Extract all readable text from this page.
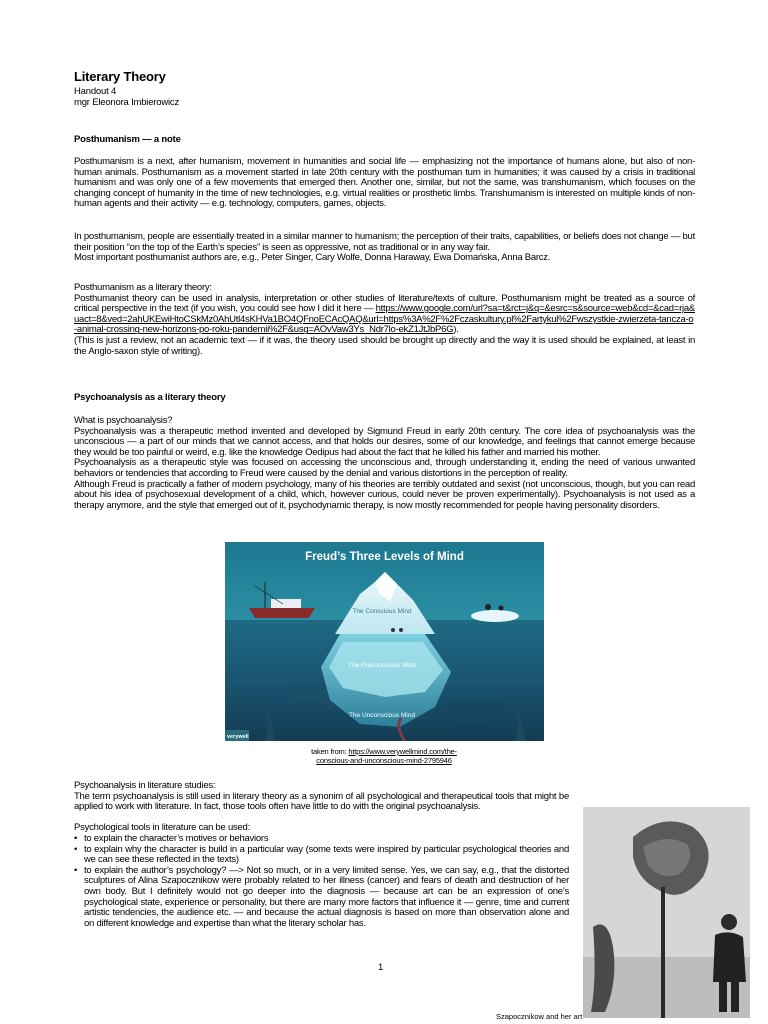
Literary Theory
Handout 4
mgr Eleonora Imbierowicz
Posthumanism — a note

Posthumanism is a next, after humanism, movement in humanities and social life — emphasizing not the importance of humans alone, but also of non-human animals. Posthumanism as a movement started in late 20th century with the posthuman turn in humanities; it was caused by a crisis in traditional humanism and was only one of a few movements that emerged then. Another one, similar, but not the same, was transhumanism, which focuses on the changing concept of humanity in the time of new technologies, e.g. virtual realities or prosthetic limbs. Transhumanism is interested on multiple kinds of non-human agents and their activity — e.g. technology, computers, games, objects.

In posthumanism, people are essentially treated in a similar manner to humanism; the perception of their traits, capabilities, or beliefs does not change — but their position “on the top of the Earth’s species” is seen as oppressive, not as traditional or in any way fair.

Most important posthumanist authors are, e.g., Peter Singer, Cary Wolfe, Donna Haraway, Ewa Domańska, Anna Barcz.

Posthumanism as a literary theory:

Posthumanist theory can be used in analysis, interpretation or other studies of literature/texts of culture. Posthumanism might be treated as a source of critical perspective in the text (if you wish, you could see how I did it here — https://www.google.com/url?sa=t&rct=j&q=&esrc=s&source=web&cd=&cad=rja&uact=8&ved=2ahUKEwiHtoCSkMz0AhUtl4sKHVa1BO4QFnoECAcQAQ&url=https%3A%2F%2Fczaskultury.pl%2Fartykul%2Fwszystkie-zwierzeta-tancza-o-animal-crossing-new-horizons-po-roku-pandemii%2F&usg=AOvVaw3Ys_Ndr7lo-ekZ1JtJbP6G).

(This is just a review, not an academic text — if it was, the theory used should be brought up directly and the way it is used should be explained, at least in the Anglo-saxon style of writing).

Psychoanalysis as a literary theory

What is psychoanalysis?

Psychoanalysis was a therapeutic method invented and developed by Sigmund Freud in early 20th century. The core idea of psychoanalysis was the unconscious — a part of our minds that we cannot access, and that holds our desires, some of our knowledge, and feelings that cannot emerge because they would be too painful or weird, e.g. like the knowledge Oedipus had about the fact that he killed his father and married his mother.

Psychoanalysis as a therapeutic style was focused on accessing the unconscious and, through understanding it, ending the need of various unwanted behaviors or tendencies that according to Freud were caused by the denial and various distortions in the perception of reality.

Although Freud is practically a father of modern psychology, many of his theories are terribly outdated and sexist (not unconscious, though, but you can read about his idea of psychosexual development of a child, which, however curious, could never be proven experimentally). Psychoanalysis is not used as a therapy anymore, and the style that emerged out of it, psychodynamic therapy, is now mostly recommended for people having personality disorders.

Freud’s Three Levels of Mind
The Conscious Mind
The Preconscious Mind
The Unconscious Mind
verywell
taken from: https://www.verywellmind.com/the-conscious-and-unconscious-mind-2795946

Psychoanalysis in literature studies:

The term psychoanalysis is still used in literary theory as a synonim of all psychological and therapeutical tools that might be applied to work with literature. In fact, those tools often have little to do with the original psychoanalysis.

Psychological tools in literature can be used:

• to explain the character’s motives or behaviors
• to explain why the character is build in a particular way (some texts were inspired by particular psychological theories and we can see these reflected in the texts)
• to explain the author’s psychology? —> Not so much, or in a very limited sense. Yes, we can say, e.g., that the distorted sculptures of Alina Szapocznikow were probably related to her illness (cancer) and fears of death and destruction of her own body. But I definitely would not go deeper into the diagnosis — because art can be an expression of one’s psychological state, experience or personality, but there are many more factors that influence it — genre, time and current artistic tendencies, the audience etc. — and because the actual diagnosis is based on more than observation alone and on different knowledge and expertise than what the literary scholar has.
Szapocznikow and her art
1
